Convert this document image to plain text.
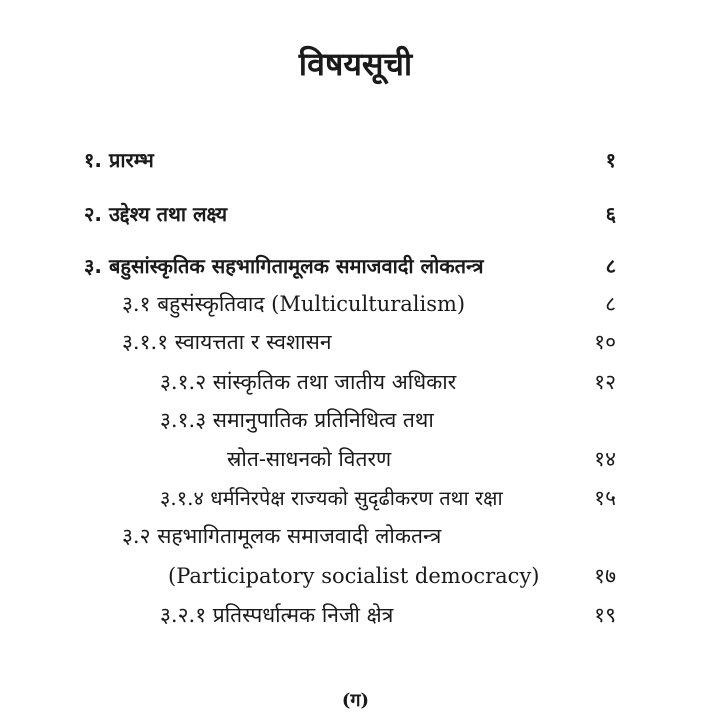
विषयसूची
१. प्रारम्भ	१
२. उद्देश्य तथा लक्ष्य	६
३. बहुसांस्कृतिक सहभागितामूलक समाजवादी लोकतन्त्र	८
३.१ बहुसंस्कृतिवाद (Multiculturalism)	८
३.१.१ स्वायत्तता र स्वशासन	१०
३.१.२ सांस्कृतिक तथा जातीय अधिकार	१२
३.१.३ समानुपातिक प्रतिनिधित्व तथा
स्रोत-साधनको वितरण	१४
३.१.४ धर्मनिरपेक्ष राज्यको सुदृढीकरण तथा रक्षा	१५
३.२ सहभागितामूलक समाजवादी लोकतन्त्र
(Participatory socialist democracy)	१७
३.२.१ प्रतिस्पर्धात्मक निजी क्षेत्र	१९
(ग)
